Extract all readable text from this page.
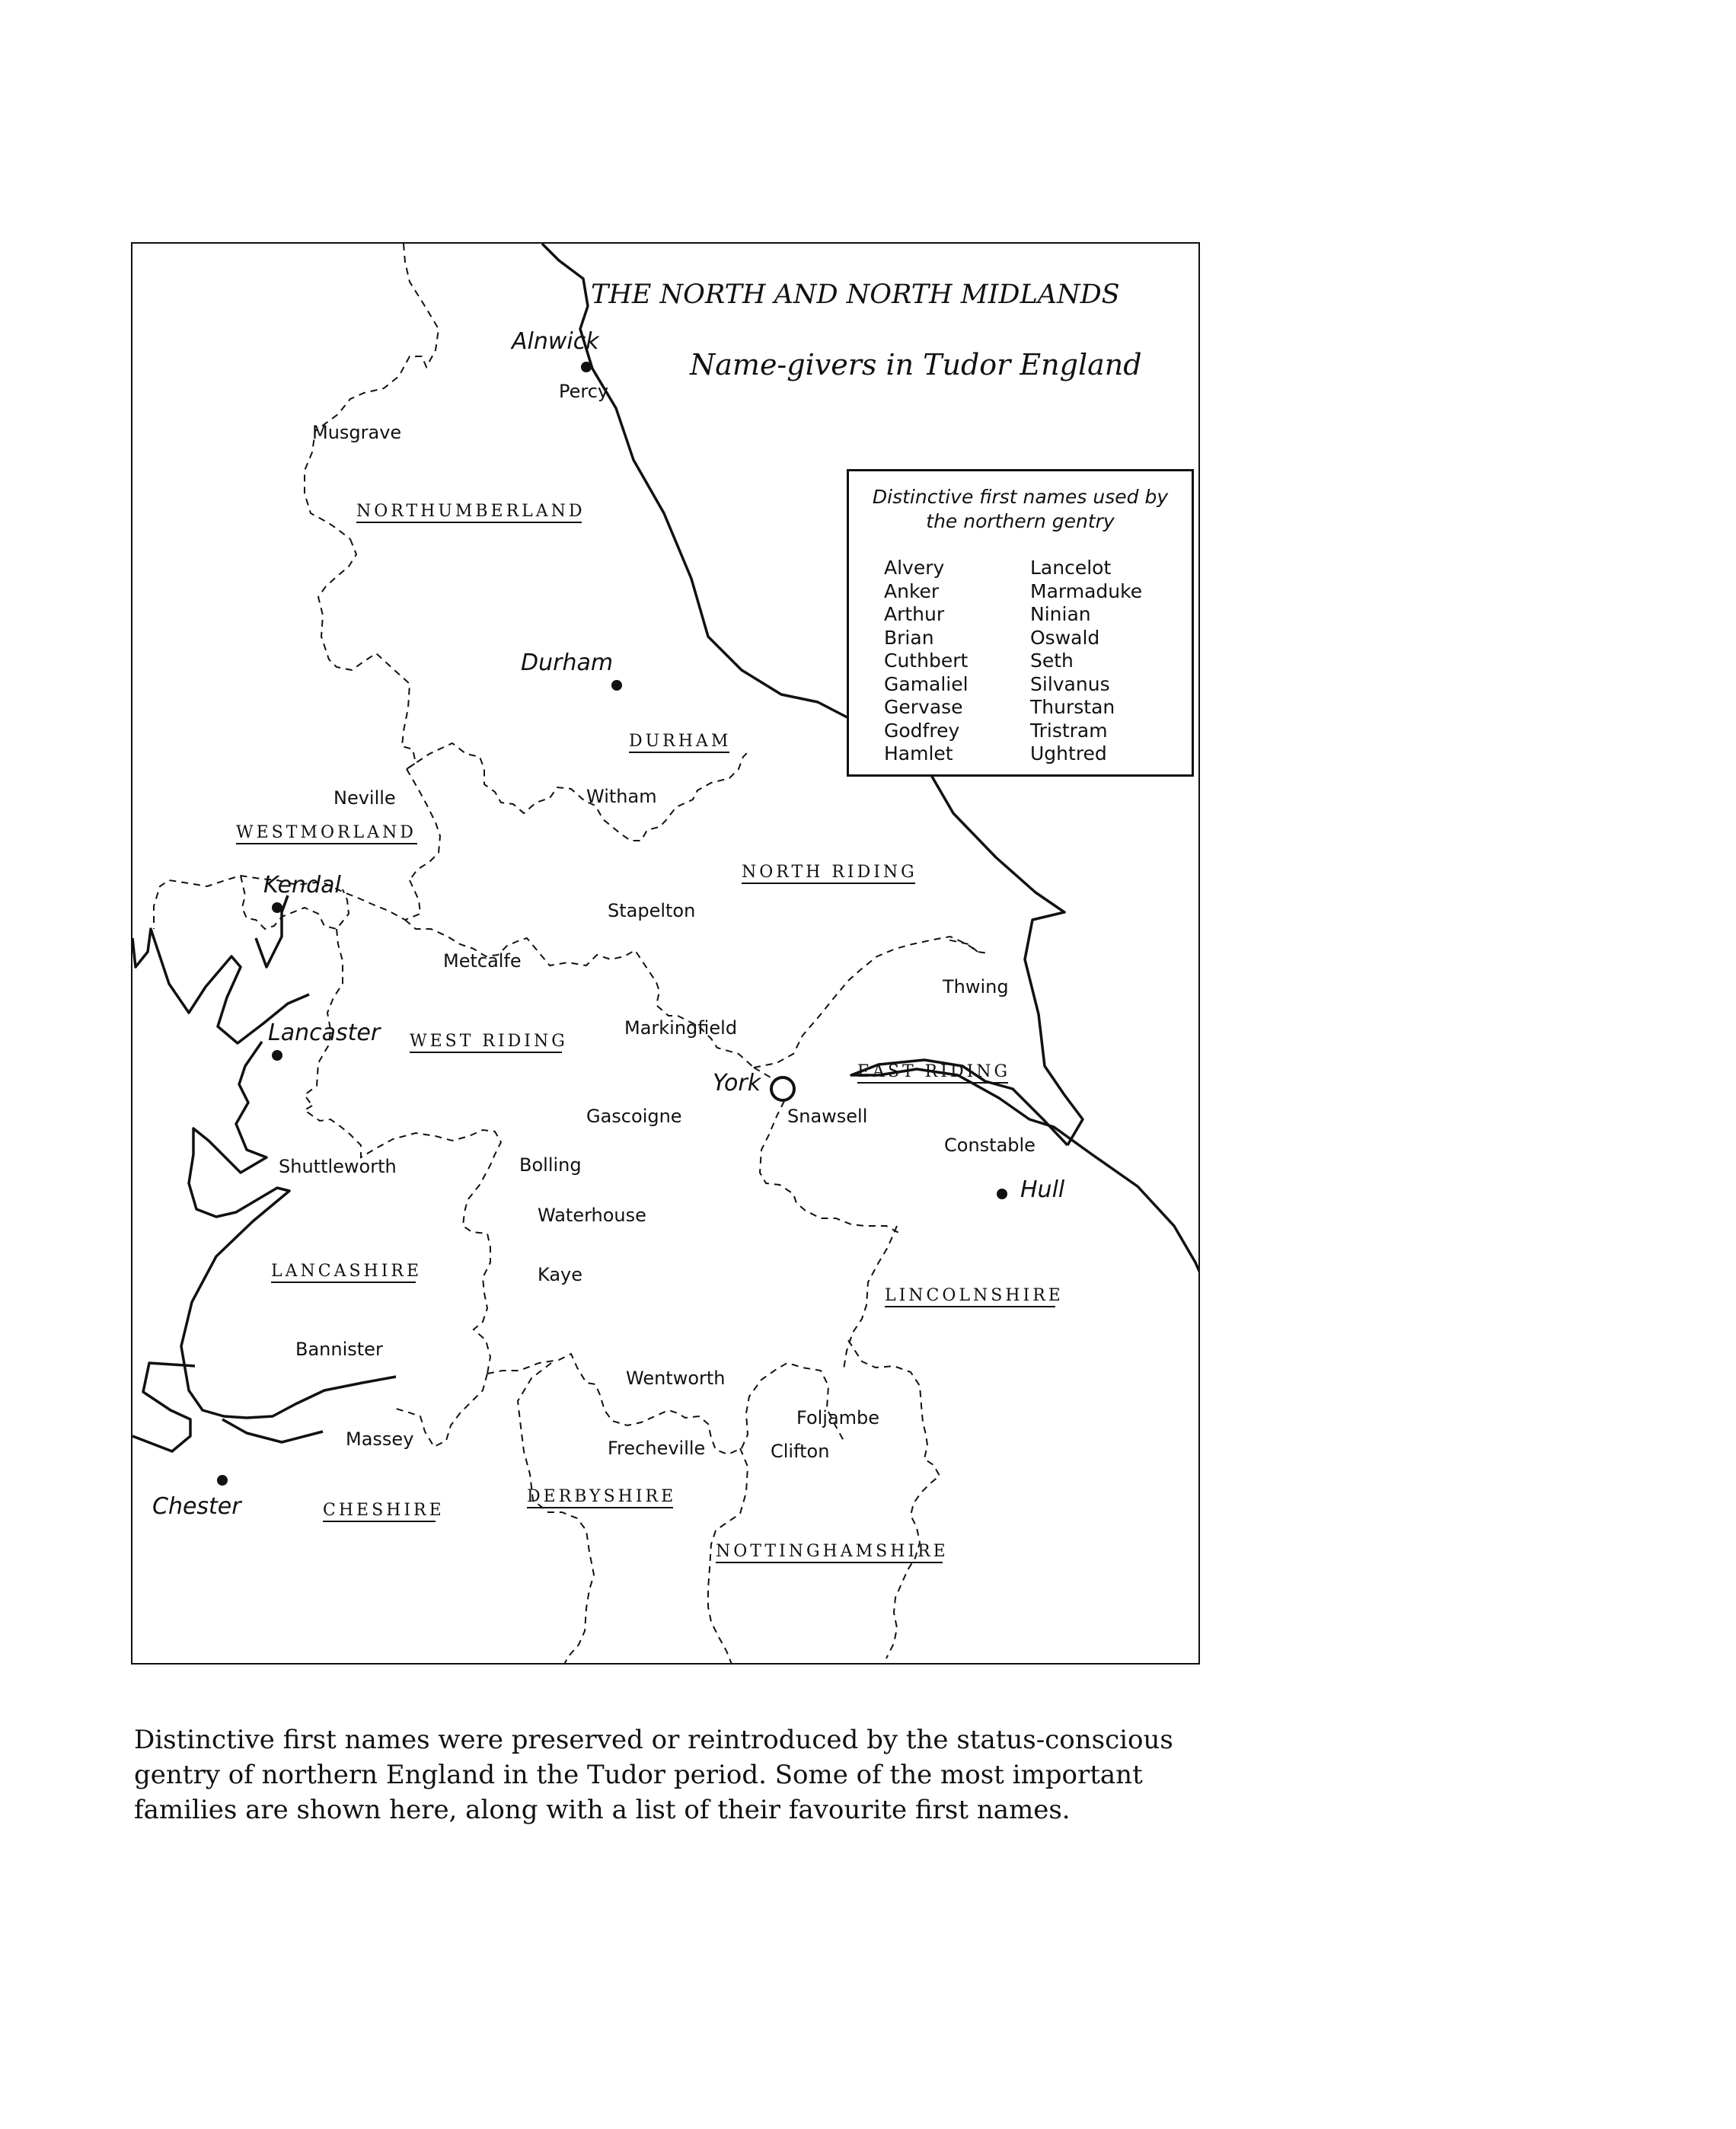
THE NORTH AND NORTH MIDLANDS
Name-givers in Tudor England
NORTHUMBERLAND
DURHAM
WESTMORLAND
NORTH RIDING
WEST RIDING
EAST RIDING
LANCASHIRE
LINCOLNSHIRE
CHESHIRE
DERBYSHIRE
NOTTINGHAMSHIRE
Alnwick
Durham
Kendal
Lancaster
York
Hull
Chester
Percy
Musgrave
Neville	Witham
Stapelton
Metcalfe
Thwing
Markingfield
Gascoigne	Snawsell
Constable
Shuttleworth	Bolling
Waterhouse
Kaye
Bannister
Wentworth
Foljambe
Massey	Frecheville	Clifton
Distinctive first names used by
the northern gentry
Alvery
Anker
Arthur
Brian
Cuthbert
Gamaliel
Gervase
Godfrey
Hamlet
Lancelot
Marmaduke
Ninian
Oswald
Seth
Silvanus
Thurstan
Tristram
Ughtred

Distinctive first names were preserved or reintroduced by the status-conscious gentry of northern England in the Tudor period. Some of the most important families are shown here, along with a list of their favourite first names.
